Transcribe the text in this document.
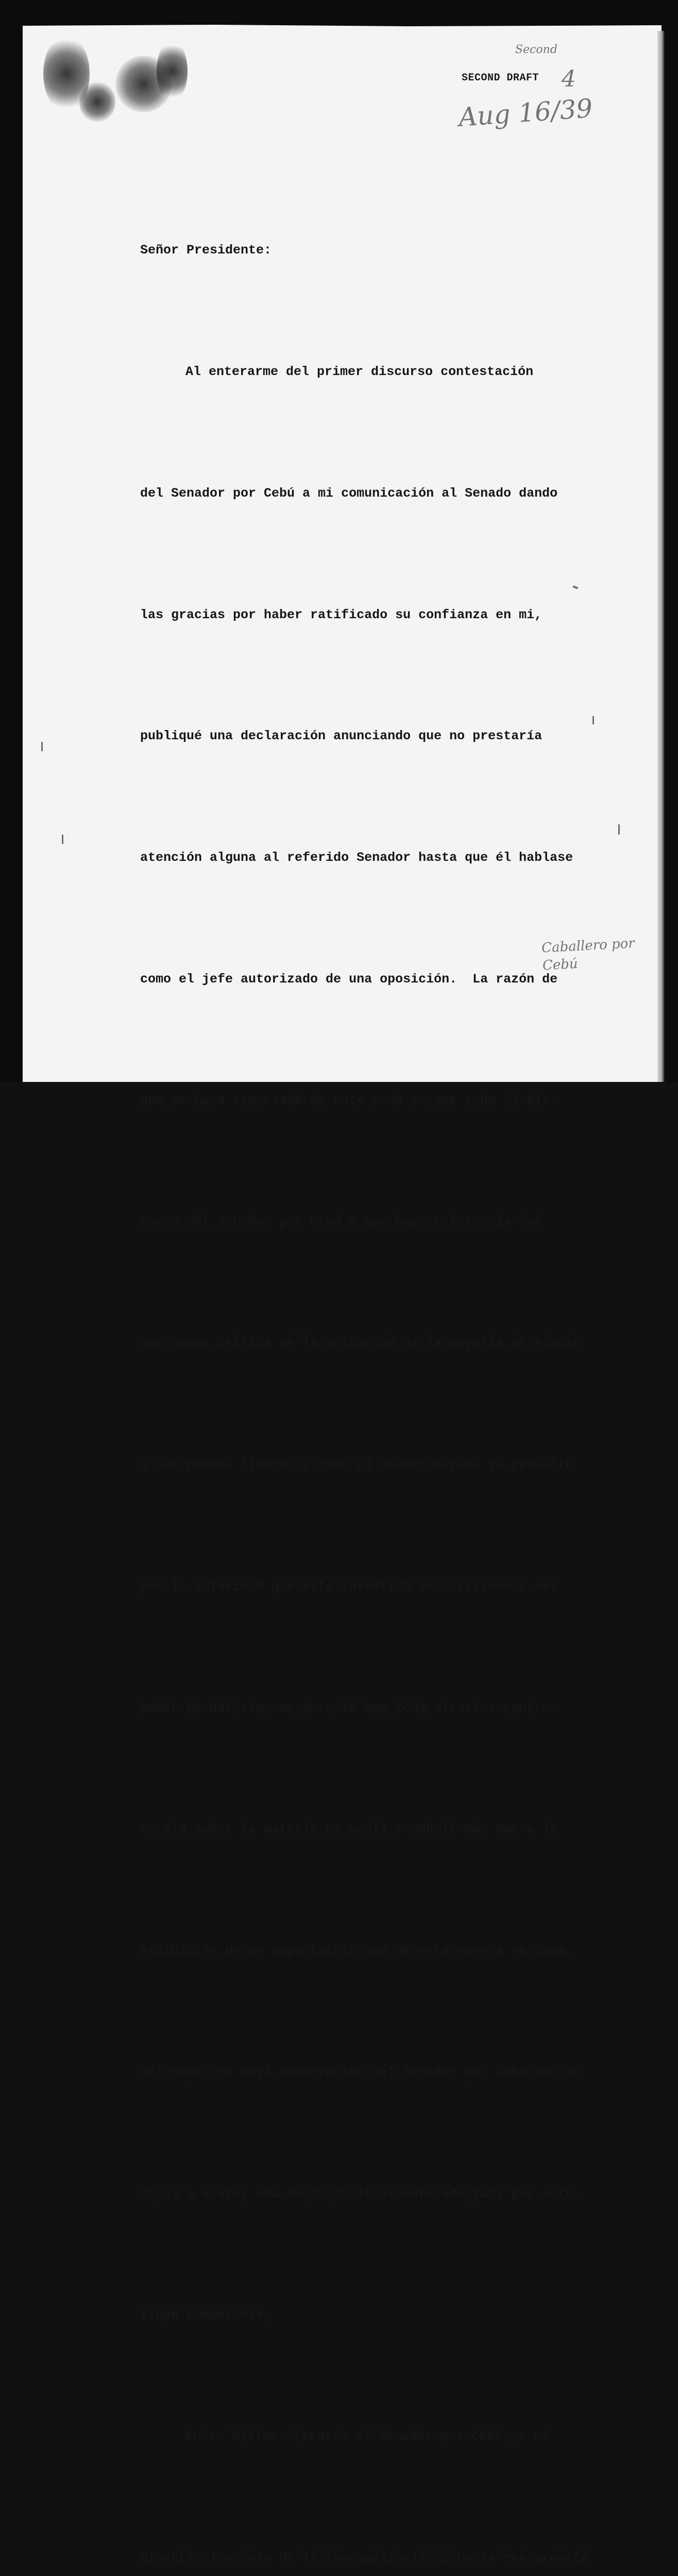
Second
SECOND DRAFT 4
Aug 16/39

Señor Presidente:

Al enterarme del primer discurso contestación

del Senador por Cebú a mi comunicación al Senado dando

las gracias por haber ratificado su confianza en mi,

publiqué una declaración anunciando que no prestaría

atención alguna al referido Senador hasta que él hablase

como el jefe autorizado de una oposición.  La razón de

que me haya expresado de este modo es que todo el dis-

curso del Senador por Cebú a que hago referencia fué

una nueva crítica de la actuación de la mayoría al elegir

a sus nuevos líders, y como el asunto estaba ya resuelto

por la autoridad que está investida exclusivamente del

poder de hacerlo, me pareció que toda ulterior contro-

versia sobre la materia no podía conducir más que a la

exhibición de un espectáculo que de esta manera se daba,

del espíritu anti-democrático del Senador por Cebú que se

niega a acatar una decisión legalmente adoptada por auto-

ridad competente.

En su último discurso el Senador por Cebú ya no

discute el asunto de la reorganización y hasta nos promete

Caballero por Cebú
